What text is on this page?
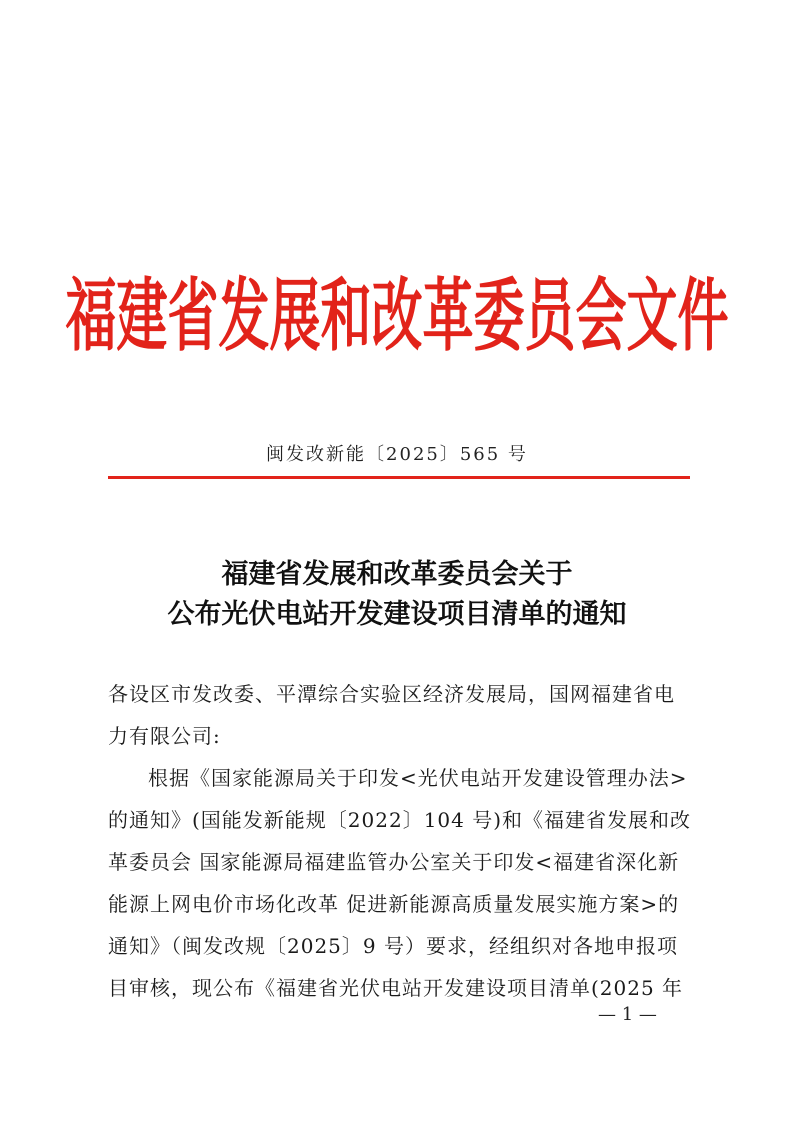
福建省发展和改革委员会文件
闽发改新能〔2025〕565 号
福建省发展和改革委员会关于
公布光伏电站开发建设项目清单的通知
各设区市发改委、平潭综合实验区经济发展局，国网福建省电
力有限公司:
根据《国家能源局关于印发<光伏电站开发建设管理办法>
的通知》(国能发新能规〔2022〕104 号)和《福建省发展和改
革委员会 国家能源局福建监管办公室关于印发<福建省深化新
能源上网电价市场化改革 促进新能源高质量发展实施方案>的
通知》（闽发改规〔2025〕9 号）要求，经组织对各地申报项
目审核，现公布《福建省光伏电站开发建设项目清单(2025 年
— 1 —
